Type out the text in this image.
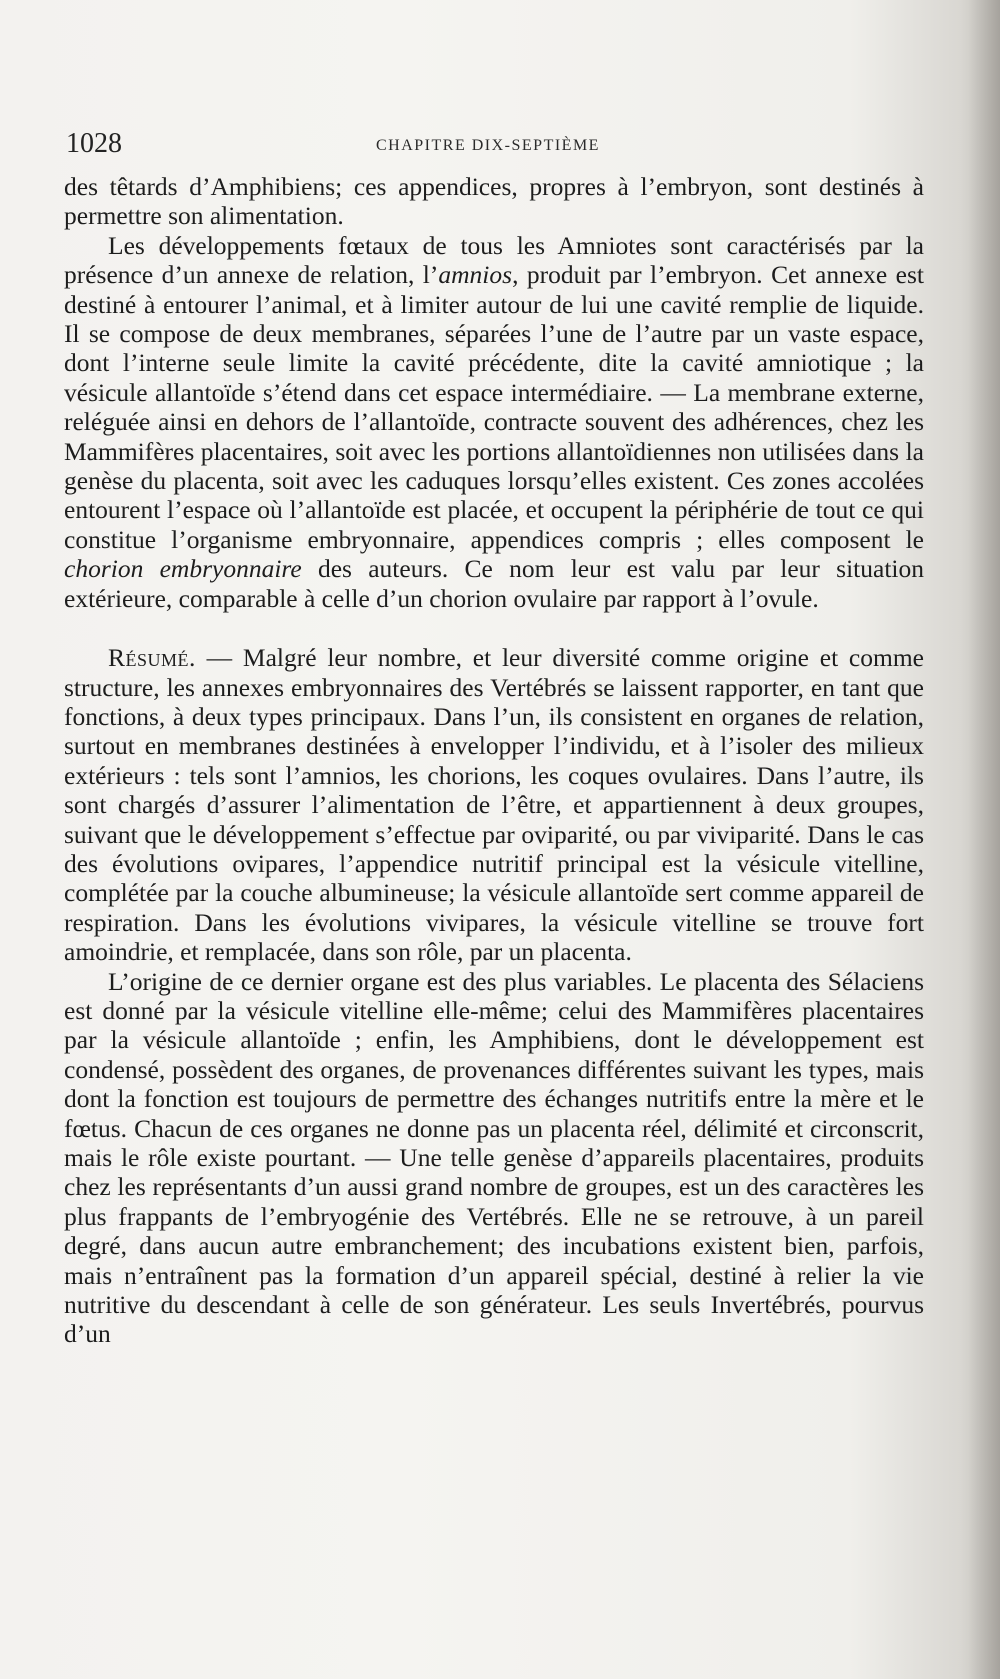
1028	CHAPITRE DIX-SEPTIÈME

des têtards d’Amphibiens; ces appendices, propres à l’embryon, sont destinés à permettre son alimentation.

Les développements fœtaux de tous les Amniotes sont caractérisés par la présence d’un annexe de relation, l’amnios, produit par l’embryon. Cet annexe est destiné à entourer l’animal, et à limiter autour de lui une cavité remplie de liquide. Il se compose de deux membranes, séparées l’une de l’autre par un vaste espace, dont l’interne seule limite la cavité précédente, dite la cavité amniotique ; la vésicule allantoïde s’étend dans cet espace intermédiaire. — La membrane externe, reléguée ainsi en dehors de l’allantoïde, contracte souvent des adhérences, chez les Mammifères placentaires, soit avec les portions allantoïdiennes non utilisées dans la genèse du placenta, soit avec les caduques lorsqu’elles existent. Ces zones accolées entourent l’espace où l’allantoïde est placée, et occupent la périphérie de tout ce qui constitue l’organisme embryonnaire, appendices compris ; elles composent le chorion embryonnaire des auteurs. Ce nom leur est valu par leur situation extérieure, comparable à celle d’un chorion ovulaire par rapport à l’ovule.

Résumé. — Malgré leur nombre, et leur diversité comme origine et comme structure, les annexes embryonnaires des Vertébrés se laissent rapporter, en tant que fonctions, à deux types principaux. Dans l’un, ils consistent en organes de relation, surtout en membranes destinées à envelopper l’individu, et à l’isoler des milieux extérieurs : tels sont l’amnios, les chorions, les coques ovulaires. Dans l’autre, ils sont chargés d’assurer l’alimentation de l’être, et appartiennent à deux groupes, suivant que le développement s’effectue par oviparité, ou par viviparité. Dans le cas des évolutions ovipares, l’appendice nutritif principal est la vésicule vitelline, complétée par la couche albumineuse; la vésicule allantoïde sert comme appareil de respiration. Dans les évolutions vivipares, la vésicule vitelline se trouve fort amoindrie, et remplacée, dans son rôle, par un placenta.

L’origine de ce dernier organe est des plus variables. Le placenta des Sélaciens est donné par la vésicule vitelline elle-même; celui des Mammifères placentaires par la vésicule allantoïde ; enfin, les Amphibiens, dont le développement est condensé, possèdent des organes, de provenances différentes suivant les types, mais dont la fonction est toujours de permettre des échanges nutritifs entre la mère et le fœtus. Chacun de ces organes ne donne pas un placenta réel, délimité et circonscrit, mais le rôle existe pourtant. — Une telle genèse d’appareils placentaires, produits chez les représentants d’un aussi grand nombre de groupes, est un des caractères les plus frappants de l’embryogénie des Vertébrés. Elle ne se retrouve, à un pareil degré, dans aucun autre embranchement; des incubations existent bien, parfois, mais n’entraînent pas la formation d’un appareil spécial, destiné à relier la vie nutritive du descendant à celle de son générateur. Les seuls Invertébrés, pourvus d’un
